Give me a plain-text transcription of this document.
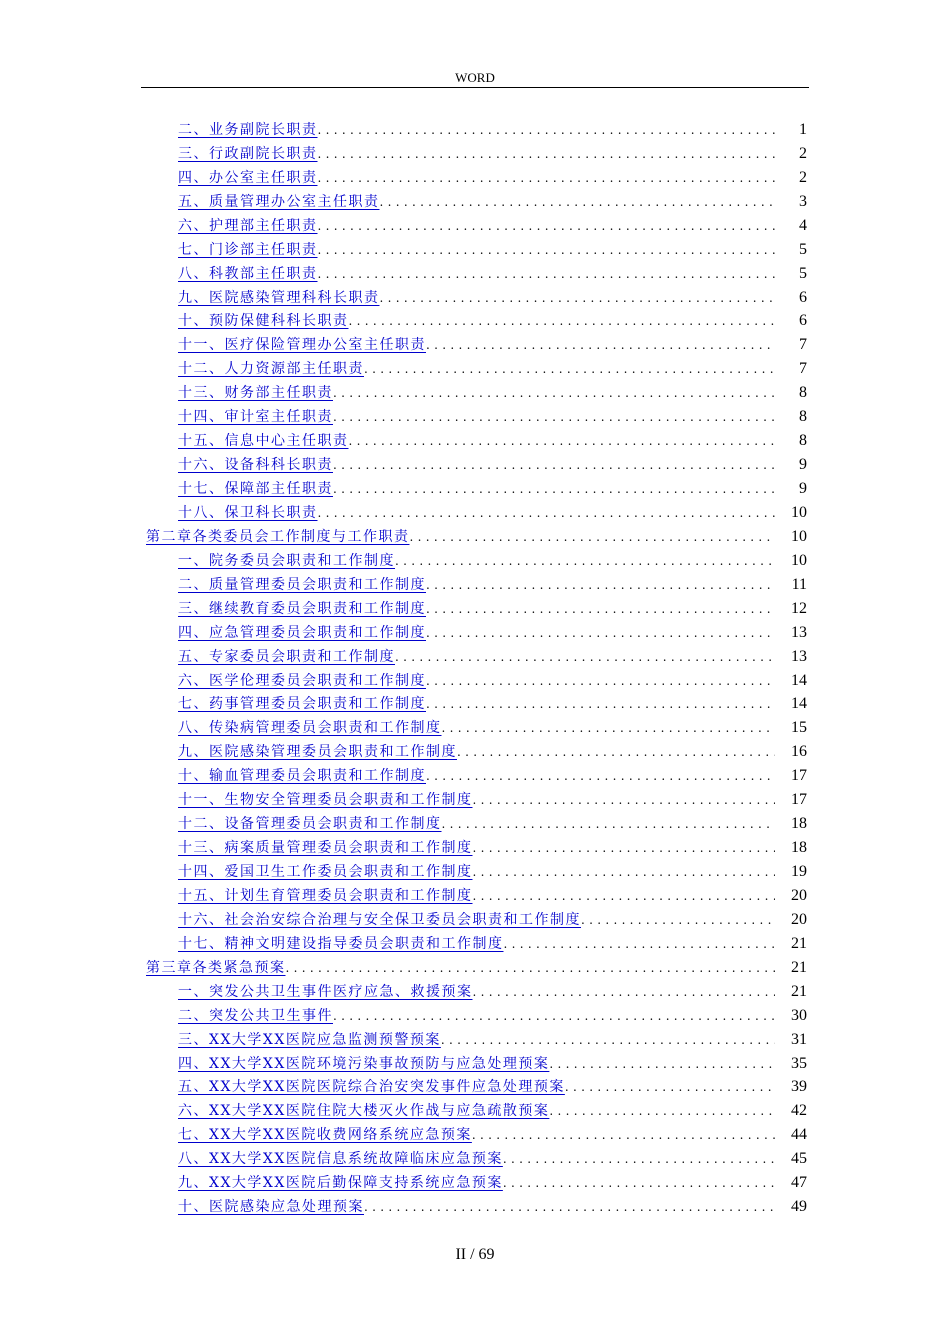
WORD
二、业务副院长职责 .....	1
三、行政副院长职责 .....	2
四、办公室主任职责 .....	2
五、质量管理办公室主任职责 .....	3
六、护理部主任职责 .....	4
七、门诊部主任职责 .....	5
八、科教部主任职责 .....	5
九、医院感染管理科科长职责 .....	6
十、预防保健科科长职责 .....	6
十一、医疗保险管理办公室主任职责 .....	7
十二、人力资源部主任职责 .....	7
十三、财务部主任职责 .....	8
十四、审计室主任职责 .....	8
十五、信息中心主任职责 .....	8
十六、设备科科长职责 .....	9
十七、保障部主任职责 .....	9
十八、保卫科长职责 .....	10
第二章各类委员会工作制度与工作职责 .....	10
一、院务委员会职责和工作制度 .....	10
二、质量管理委员会职责和工作制度 .....	11
三、继续教育委员会职责和工作制度 .....	12
四、应急管理委员会职责和工作制度 .....	13
五、专家委员会职责和工作制度 .....	13
六、医学伦理委员会职责和工作制度 .....	14
七、药事管理委员会职责和工作制度 .....	14
八、传染病管理委员会职责和工作制度 .....	15
九、医院感染管理委员会职责和工作制度 .....	16
十、输血管理委员会职责和工作制度 .....	17
十一、生物安全管理委员会职责和工作制度 .....	17
十二、设备管理委员会职责和工作制度 .....	18
十三、病案质量管理委员会职责和工作制度 .....	18
十四、爱国卫生工作委员会职责和工作制度 .....	19
十五、计划生育管理委员会职责和工作制度 .....	20
十六、社会治安综合治理与安全保卫委员会职责和工作制度 .....	20
十七、精神文明建设指导委员会职责和工作制度 .....	21
第三章各类紧急预案 .....	21
一、突发公共卫生事件医疗应急、救援预案 .....	21
二、突发公共卫生事件 .....	30
三、XX大学XX医院应急监测预警预案 .....	31
四、XX大学XX医院环境污染事故预防与应急处理预案 .....	35
五、XX大学XX医院医院综合治安突发事件应急处理预案 .....	39
六、XX大学XX医院住院大楼灭火作战与应急疏散预案 .....	42
七、XX大学XX医院收费网络系统应急预案 .....	44
八、XX大学XX医院信息系统故障临床应急预案 .....	45
九、XX大学XX医院后勤保障支持系统应急预案 .....	47
十、医院感染应急处理预案 .....	49
II / 69
